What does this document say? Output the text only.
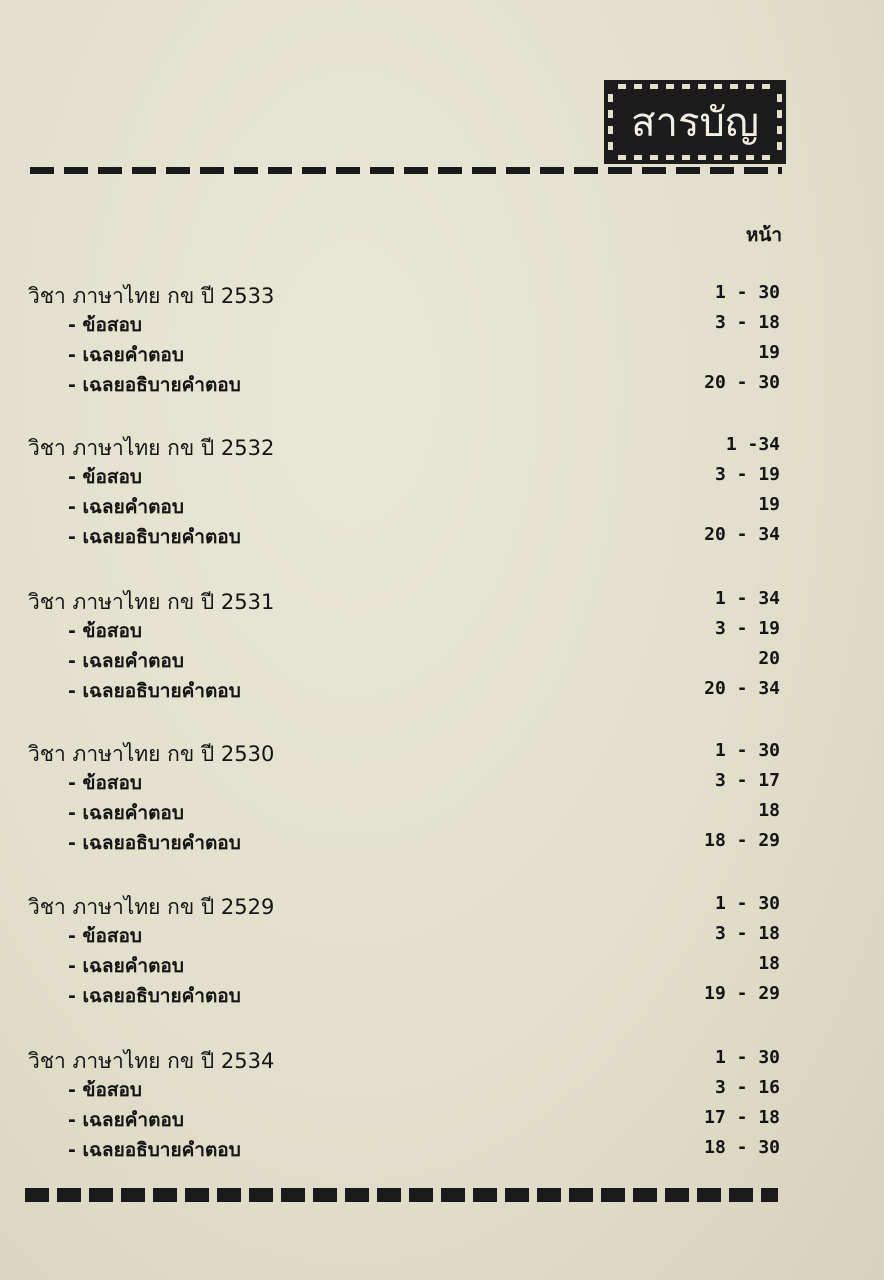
สารบัญ
หน้า
วิชา ภาษาไทย กข ปี 2533	1 - 30
- ข้อสอบ	3 - 18
- เฉลยคำตอบ	19
- เฉลยอธิบายคำตอบ	20 - 30
วิชา ภาษาไทย กข ปี 2532	1 -34
- ข้อสอบ	3 - 19
- เฉลยคำตอบ	19
- เฉลยอธิบายคำตอบ	20 - 34
วิชา ภาษาไทย กข ปี 2531	1 - 34
- ข้อสอบ	3 - 19
- เฉลยคำตอบ	20
- เฉลยอธิบายคำตอบ	20 - 34
วิชา ภาษาไทย กข ปี 2530	1 - 30
- ข้อสอบ	3 - 17
- เฉลยคำตอบ	18
- เฉลยอธิบายคำตอบ	18 - 29
วิชา ภาษาไทย กข ปี 2529	1 - 30
- ข้อสอบ	3 - 18
- เฉลยคำตอบ	18
- เฉลยอธิบายคำตอบ	19 - 29
วิชา ภาษาไทย กข ปี 2534	1 - 30
- ข้อสอบ	3 - 16
- เฉลยคำตอบ	17 - 18
- เฉลยอธิบายคำตอบ	18 - 30
